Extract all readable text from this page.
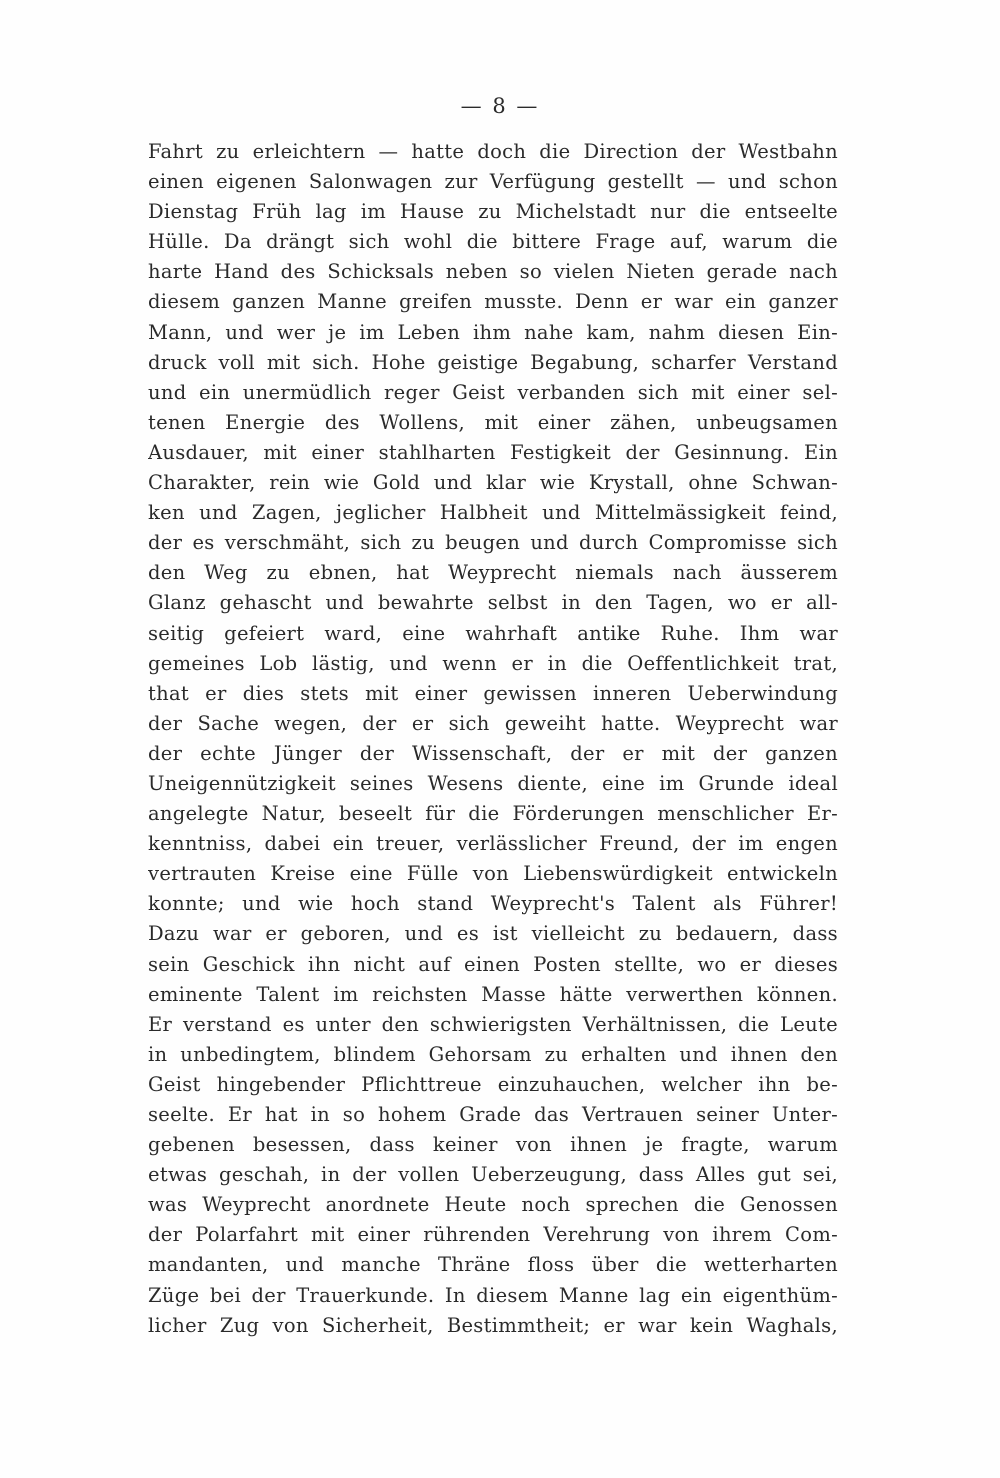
— 8 —
Fahrt zu erleichtern — hatte doch die Direction der Westbahn
einen eigenen Salonwagen zur Verfügung gestellt — und schon
Dienstag Früh lag im Hause zu Michelstadt nur die entseelte
Hülle. Da drängt sich wohl die bittere Frage auf, warum die
harte Hand des Schicksals neben so vielen Nieten gerade nach
diesem ganzen Manne greifen musste. Denn er war ein ganzer
Mann, und wer je im Leben ihm nahe kam, nahm diesen Ein-
druck voll mit sich. Hohe geistige Begabung, scharfer Verstand
und ein unermüdlich reger Geist verbanden sich mit einer sel-
tenen Energie des Wollens, mit einer zähen, unbeugsamen
Ausdauer, mit einer stahlharten Festigkeit der Gesinnung. Ein
Charakter, rein wie Gold und klar wie Krystall, ohne Schwan-
ken und Zagen, jeglicher Halbheit und Mittelmässigkeit feind,
der es verschmäht, sich zu beugen und durch Compromisse sich
den Weg zu ebnen, hat Weyprecht niemals nach äusserem
Glanz gehascht und bewahrte selbst in den Tagen, wo er all-
seitig gefeiert ward, eine wahrhaft antike Ruhe. Ihm war
gemeines Lob lästig, und wenn er in die Oeffentlichkeit trat,
that er dies stets mit einer gewissen inneren Ueberwindung
der Sache wegen, der er sich geweiht hatte. Weyprecht war
der echte Jünger der Wissenschaft, der er mit der ganzen
Uneigennützigkeit seines Wesens diente, eine im Grunde ideal
angelegte Natur, beseelt für die Förderungen menschlicher Er-
kenntniss, dabei ein treuer, verlässlicher Freund, der im engen
vertrauten Kreise eine Fülle von Liebenswürdigkeit entwickeln
konnte; und wie hoch stand Weyprecht's Talent als Führer!
Dazu war er geboren, und es ist vielleicht zu bedauern, dass
sein Geschick ihn nicht auf einen Posten stellte, wo er dieses
eminente Talent im reichsten Masse hätte verwerthen können.
Er verstand es unter den schwierigsten Verhältnissen, die Leute
in unbedingtem, blindem Gehorsam zu erhalten und ihnen den
Geist hingebender Pflichttreue einzuhauchen, welcher ihn be-
seelte. Er hat in so hohem Grade das Vertrauen seiner Unter-
gebenen besessen, dass keiner von ihnen je fragte, warum
etwas geschah, in der vollen Ueberzeugung, dass Alles gut sei,
was Weyprecht anordnete Heute noch sprechen die Genossen
der Polarfahrt mit einer rührenden Verehrung von ihrem Com-
mandanten, und manche Thräne floss über die wetterharten
Züge bei der Trauerkunde. In diesem Manne lag ein eigenthüm-
licher Zug von Sicherheit, Bestimmtheit; er war kein Waghals,
